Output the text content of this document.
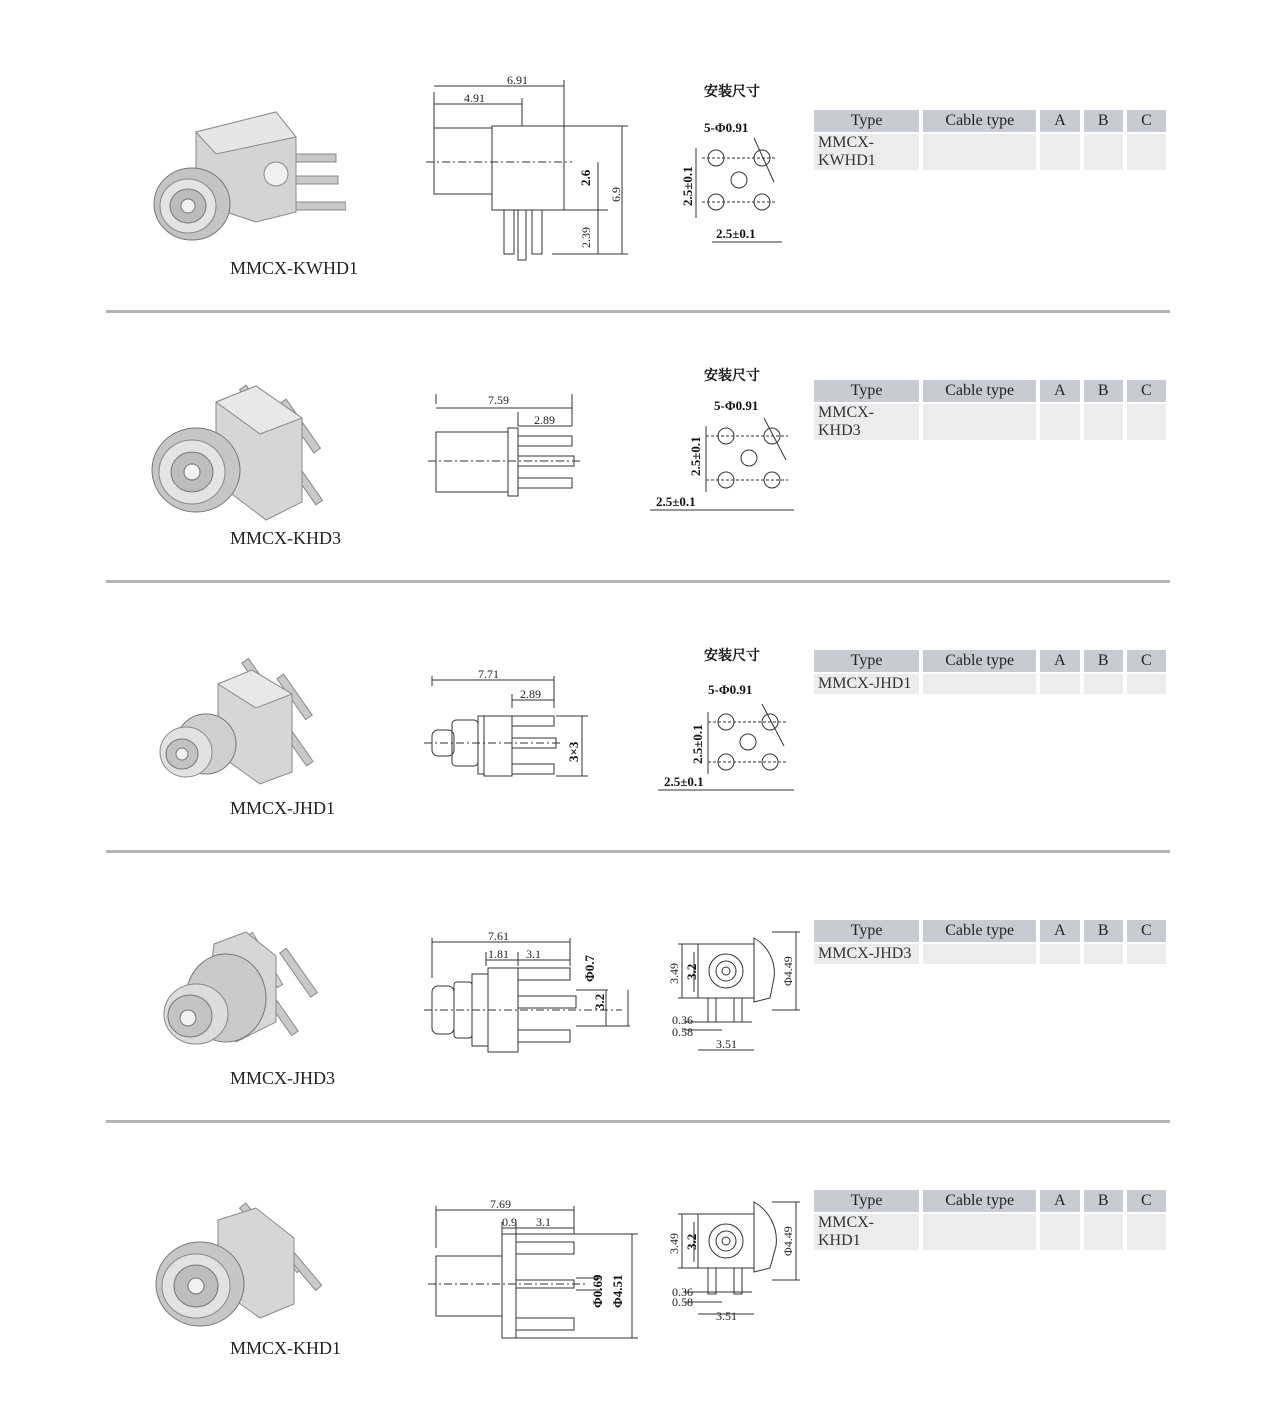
MMCX-KWHD1
6.91
4.91
2.6
6.9
2.39
安装尺寸
5-Φ0.91
2.5±0.1
2.5±0.1
Type	Cable type	A	B	C
MMCX-KWHD1				
MMCX-KHD3
7.59
2.89
安装尺寸
5-Φ0.91
2.5±0.1
2.5±0.1
Type	Cable type	A	B	C
MMCX-KHD3				
MMCX-JHD1
7.71
2.89
3×3
安装尺寸
5-Φ0.91
2.5±0.1
2.5±0.1
Type	Cable type	A	B	C
MMCX-JHD1				
MMCX-JHD3
7.61
1.81 3.1
Φ0.7
3.2
3.49 3.2	Φ4.49
0.36
0.58
3.51
Type	Cable type	A	B	C
MMCX-JHD3				
MMCX-KHD1
7.69
0.9 3.1
Φ0.69 Φ4.51
3.49 3.2	Φ4.49
0.36
0.58
3.51
Type	Cable type	A	B	C
MMCX-KHD1				
